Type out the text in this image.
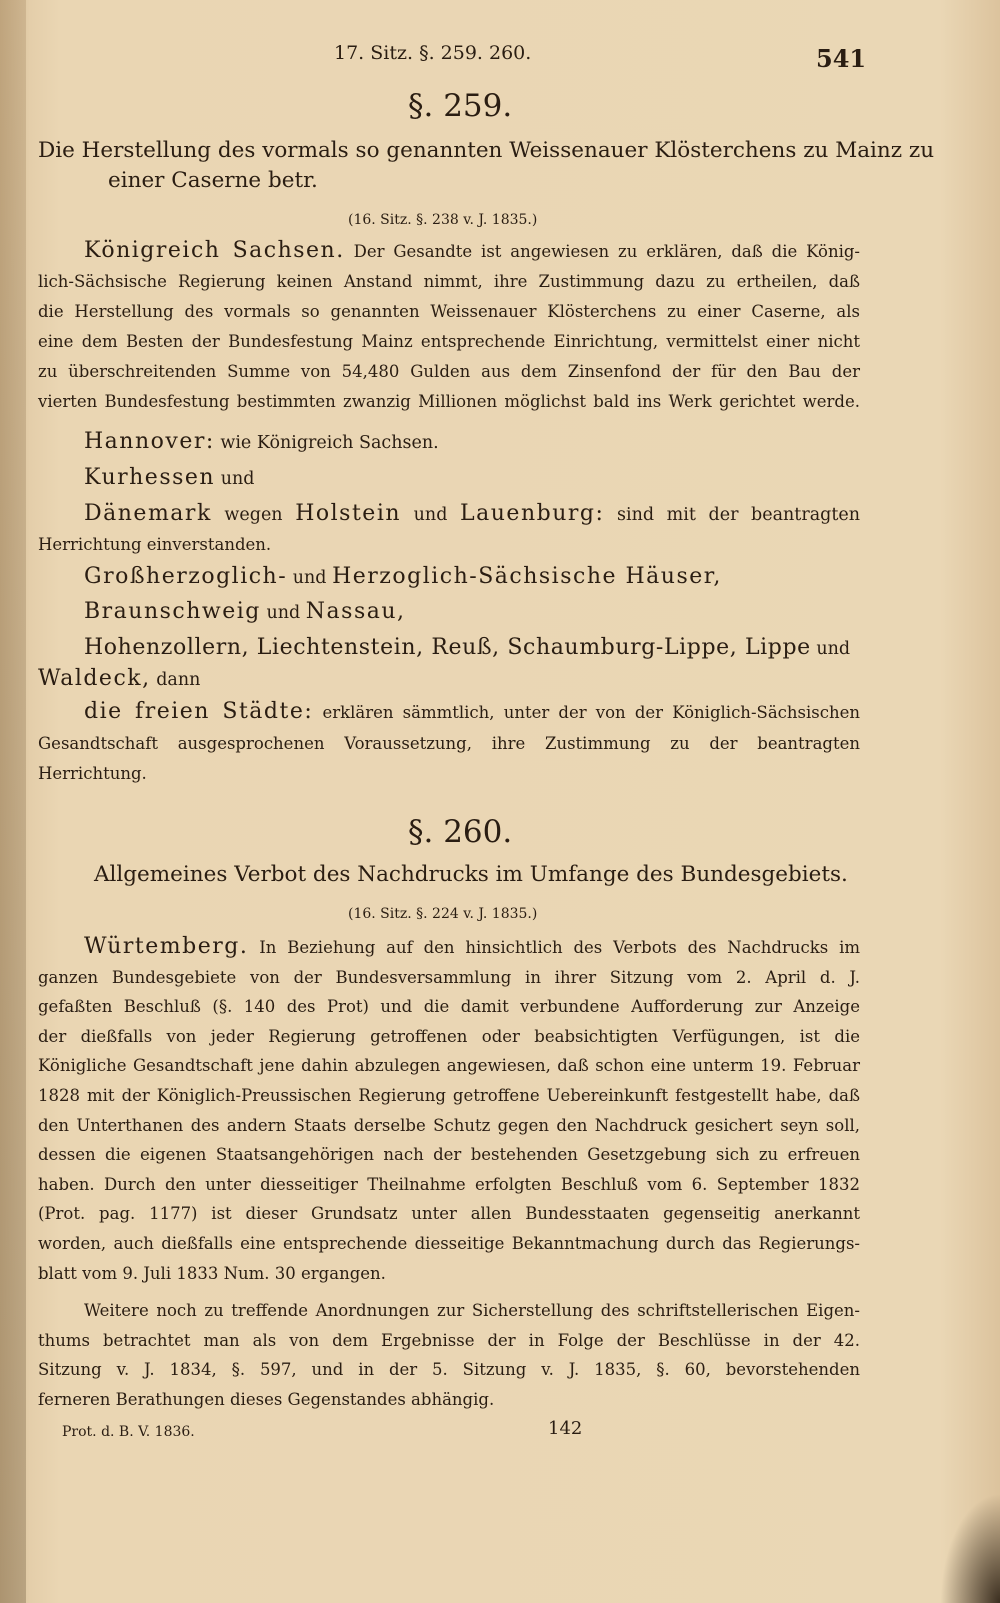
17. Sitz. §. 259. 260.	541
§. 259.
Die Herstellung des vormals so genannten Weissenauer Klösterchens zu Mainz zu
einer Caserne betr.
(16. Sitz. §. 238 v. J. 1835.)
Königreich Sachsen. Der Gesandte ist angewiesen zu erklären, daß die König-
lich-Sächsische Regierung keinen Anstand nimmt, ihre Zustimmung dazu zu ertheilen, daß
die Herstellung des vormals so genannten Weissenauer Klösterchens zu einer Caserne, als
eine dem Besten der Bundesfestung Mainz entsprechende Einrichtung, vermittelst einer nicht
zu überschreitenden Summe von 54,480 Gulden aus dem Zinsenfond der für den Bau der
vierten Bundesfestung bestimmten zwanzig Millionen möglichst bald ins Werk gerichtet werde.
Hannover: wie Königreich Sachsen.
Kurhessen und
Dänemark wegen Holstein und Lauenburg: sind mit der beantragten
Herrichtung einverstanden.
Großherzoglich- und Herzoglich-Sächsische Häuser,
Braunschweig und Nassau,
Hohenzollern, Liechtenstein, Reuß, Schaumburg-Lippe, Lippe und
Waldeck, dann
die freien Städte: erklären sämmtlich, unter der von der Königlich-Sächsischen
Gesandtschaft ausgesprochenen Voraussetzung, ihre Zustimmung zu der beantragten Herrichtung.
§. 260.
Allgemeines Verbot des Nachdrucks im Umfange des Bundesgebiets.
(16. Sitz. §. 224 v. J. 1835.)
Würtemberg. In Beziehung auf den hinsichtlich des Verbots des Nachdrucks im
ganzen Bundesgebiete von der Bundesversammlung in ihrer Sitzung vom 2. April d. J.
gefaßten Beschluß (§. 140 des Prot) und die damit verbundene Aufforderung zur Anzeige
der dießfalls von jeder Regierung getroffenen oder beabsichtigten Verfügungen, ist die
Königliche Gesandtschaft jene dahin abzulegen angewiesen, daß schon eine unterm 19. Februar
1828 mit der Königlich-Preussischen Regierung getroffene Uebereinkunft festgestellt habe, daß
den Unterthanen des andern Staats derselbe Schutz gegen den Nachdruck gesichert seyn soll,
dessen die eigenen Staatsangehörigen nach der bestehenden Gesetzgebung sich zu erfreuen
haben. Durch den unter diesseitiger Theilnahme erfolgten Beschluß vom 6. September 1832
(Prot. pag. 1177) ist dieser Grundsatz unter allen Bundesstaaten gegenseitig anerkannt
worden, auch dießfalls eine entsprechende diesseitige Bekanntmachung durch das Regierungs-
blatt vom 9. Juli 1833 Num. 30 ergangen.
Weitere noch zu treffende Anordnungen zur Sicherstellung des schriftstellerischen Eigen-
thums betrachtet man als von dem Ergebnisse der in Folge der Beschlüsse in der 42.
Sitzung v. J. 1834, §. 597, und in der 5. Sitzung v. J. 1835, §. 60, bevorstehenden
ferneren Berathungen dieses Gegenstandes abhängig.
Prot. d. B. V. 1836.	142
